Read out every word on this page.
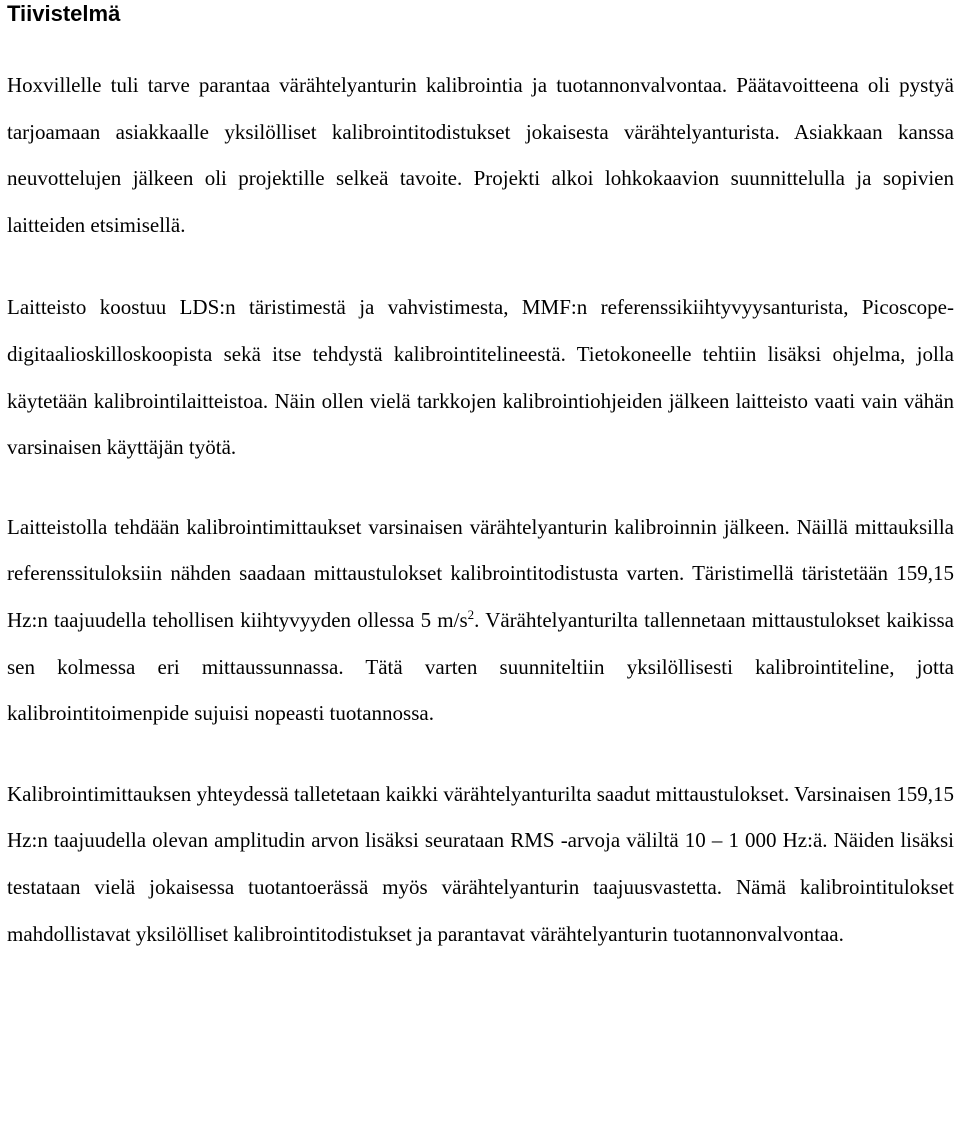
Tiivistelmä

Hoxvillelle tuli tarve parantaa värähtelyanturin kalibrointia ja tuotannonvalvontaa. Päätavoitteena oli pystyä tarjoamaan asiakkaalle yksilölliset kalibrointitodistukset jokaisesta värähtelyanturista. Asiakkaan kanssa neuvottelujen jälkeen oli projektille selkeä tavoite. Projekti alkoi lohkokaavion suunnittelulla ja sopivien laitteiden etsimisellä.

Laitteisto koostuu LDS:n täristimestä ja vahvistimesta, MMF:n referenssikiihtyvyysanturista, Picoscope-digitaalioskilloskoopista sekä itse tehdystä kalibrointitelineestä. Tietokoneelle tehtiin lisäksi ohjelma, jolla käytetään kalibrointilaitteistoa. Näin ollen vielä tarkkojen kalibrointiohjeiden jälkeen laitteisto vaati vain vähän varsinaisen käyttäjän työtä.

Laitteistolla tehdään kalibrointimittaukset varsinaisen värähtelyanturin kalibroinnin jälkeen. Näillä mittauksilla referenssituloksiin nähden saadaan mittaustulokset kalibrointitodistusta varten. Täristimellä täristetään 159,15 Hz:n taajuudella tehollisen kiihtyvyyden ollessa 5 $m/s^2$. Värähtelyanturilta tallennetaan mittaustulokset kaikissa sen kolmessa eri mittaussunnassa. Tätä varten suunniteltiin yksilöllisesti kalibrointiteline, jotta kalibrointitoimenpide sujuisi nopeasti tuotannossa.

Kalibrointimittauksen yhteydessä talletetaan kaikki värähtelyanturilta saadut mittaustulokset. Varsinaisen 159,15 Hz:n taajuudella olevan amplitudin arvon lisäksi seurataan RMS -arvoja väliltä 10 – 1 000 Hz:ä. Näiden lisäksi testataan vielä jokaisessa tuotantoerässä myös värähtelyanturin taajuusvastetta. Nämä kalibrointitulokset mahdollistavat yksilölliset kalibrointitodistukset ja parantavat värähtelyanturin tuotannonvalvontaa.
